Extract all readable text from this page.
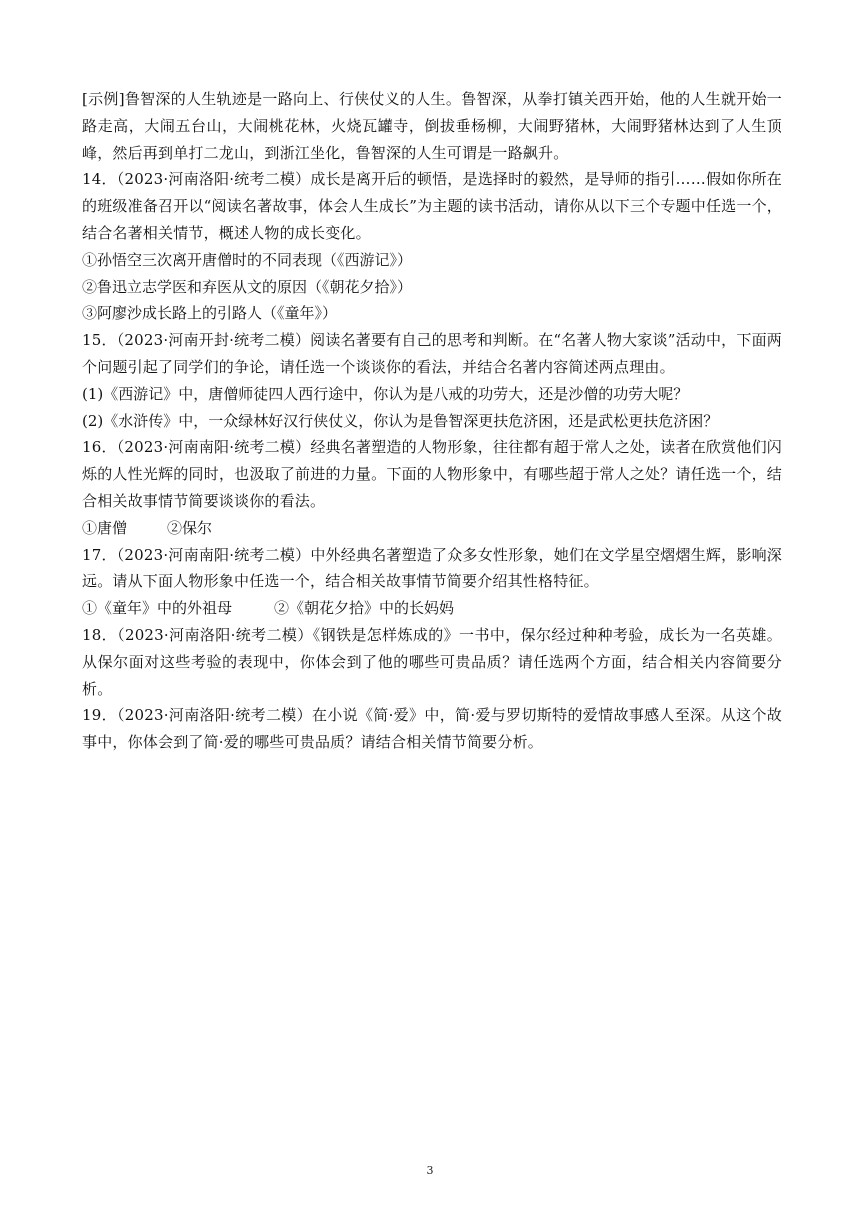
[示例]鲁智深的人生轨迹是一路向上、行侠仗义的人生。鲁智深，从拳打镇关西开始，他的人生就开始一路走高，大闹五台山，大闹桃花林，火烧瓦罐寺，倒拔垂杨柳，大闹野猪林，大闹野猪林达到了人生顶峰，然后再到单打二龙山，到浙江坐化，鲁智深的人生可谓是一路飙升。

14．（2023·河南洛阳·统考二模）成长是离开后的顿悟，是选择时的毅然，是导师的指引……假如你所在的班级准备召开以“阅读名著故事，体会人生成长”为主题的读书活动，请你从以下三个专题中任选一个，结合名著相关情节，概述人物的成长变化。

①孙悟空三次离开唐僧时的不同表现（《西游记》）

②鲁迅立志学医和弃医从文的原因（《朝花夕拾》）

③阿廖沙成长路上的引路人（《童年》）

15．（2023·河南开封·统考二模）阅读名著要有自己的思考和判断。在“名著人物大家谈”活动中，下面两个问题引起了同学们的争论，请任选一个谈谈你的看法，并结合名著内容简述两点理由。

(1)《西游记》中，唐僧师徒四人西行途中，你认为是八戒的功劳大，还是沙僧的功劳大呢？

(2)《水浒传》中，一众绿林好汉行侠仗义，你认为是鲁智深更扶危济困，还是武松更扶危济困？

16．（2023·河南南阳·统考二模）经典名著塑造的人物形象，往往都有超于常人之处，读者在欣赏他们闪烁的人性光辉的同时，也汲取了前进的力量。下面的人物形象中，有哪些超于常人之处？请任选一个，结合相关故事情节简要谈谈你的看法。

①唐僧	②保尔

17．（2023·河南南阳·统考二模）中外经典名著塑造了众多女性形象，她们在文学星空熠熠生辉，影响深远。请从下面人物形象中任选一个，结合相关故事情节简要介绍其性格特征。

①《童年》中的外祖母	②《朝花夕拾》中的长妈妈

18．（2023·河南洛阳·统考二模）《钢铁是怎样炼成的》一书中，保尔经过种种考验，成长为一名英雄。从保尔面对这些考验的表现中，你体会到了他的哪些可贵品质？请任选两个方面，结合相关内容简要分析。

19．（2023·河南洛阳·统考二模）在小说《简·爱》中，简·爱与罗切斯特的爱情故事感人至深。从这个故事中，你体会到了简·爱的哪些可贵品质？请结合相关情节简要分析。

3
